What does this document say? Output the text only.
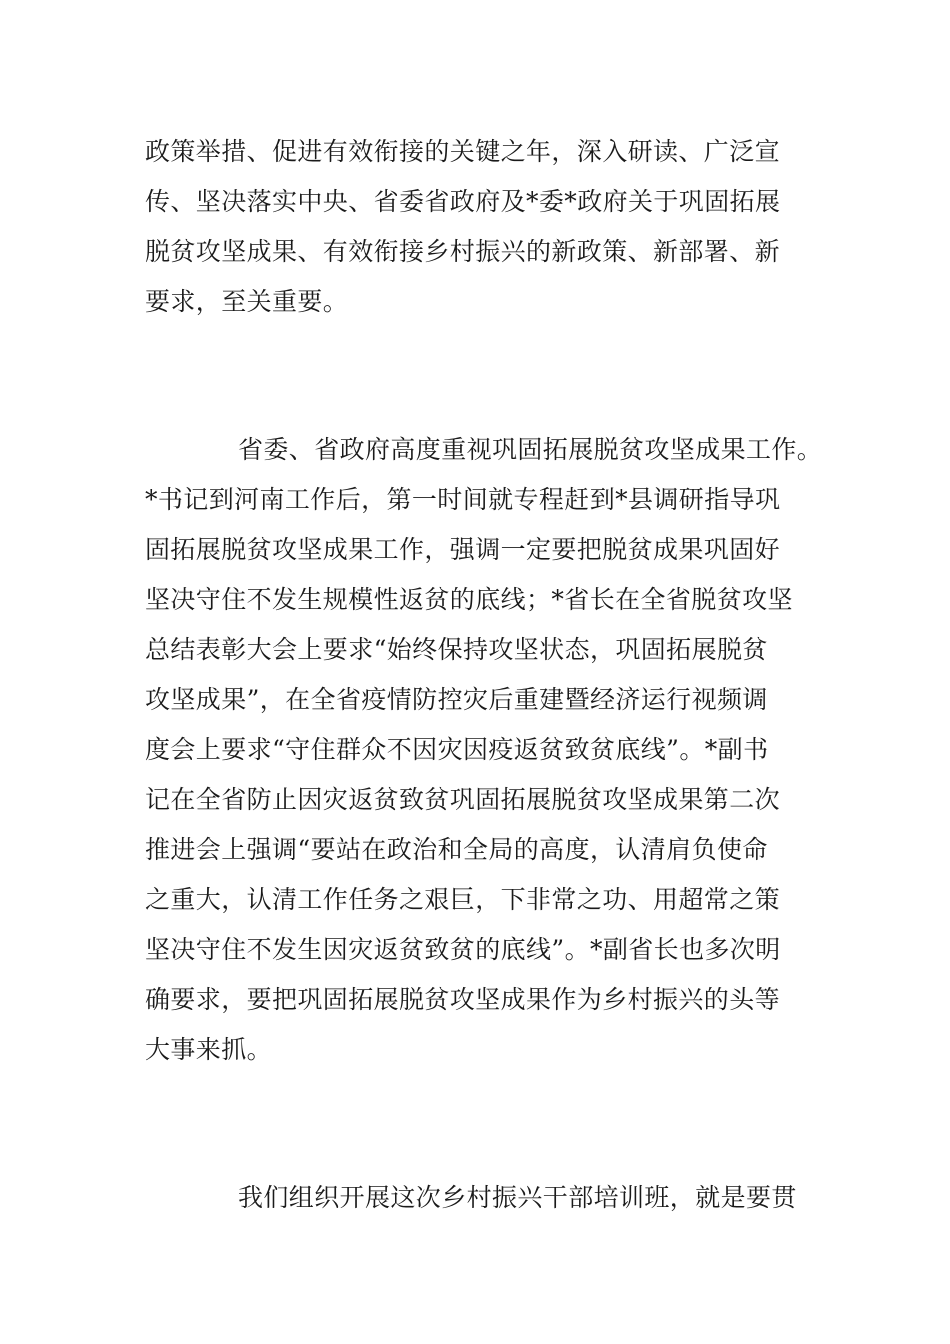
政策举措、促进有效衔接的关键之年，深入研读、广泛宣
传、坚决落实中央、省委省政府及*委*政府关于巩固拓展
脱贫攻坚成果、有效衔接乡村振兴的新政策、新部署、新
要求，至关重要。
省委、省政府高度重视巩固拓展脱贫攻坚成果工作。
*书记到河南工作后，第一时间就专程赶到*县调研指导巩
固拓展脱贫攻坚成果工作，强调一定要把脱贫成果巩固好
坚决守住不发生规模性返贫的底线；*省长在全省脱贫攻坚
总结表彰大会上要求“始终保持攻坚状态，巩固拓展脱贫
攻坚成果”，在全省疫情防控灾后重建暨经济运行视频调
度会上要求“守住群众不因灾因疫返贫致贫底线”。*副书
记在全省防止因灾返贫致贫巩固拓展脱贫攻坚成果第二次
推进会上强调“要站在政治和全局的高度，认清肩负使命
之重大，认清工作任务之艰巨，下非常之功、用超常之策
坚决守住不发生因灾返贫致贫的底线”。*副省长也多次明
确要求，要把巩固拓展脱贫攻坚成果作为乡村振兴的头等
大事来抓。
我们组织开展这次乡村振兴干部培训班，就是要贯
